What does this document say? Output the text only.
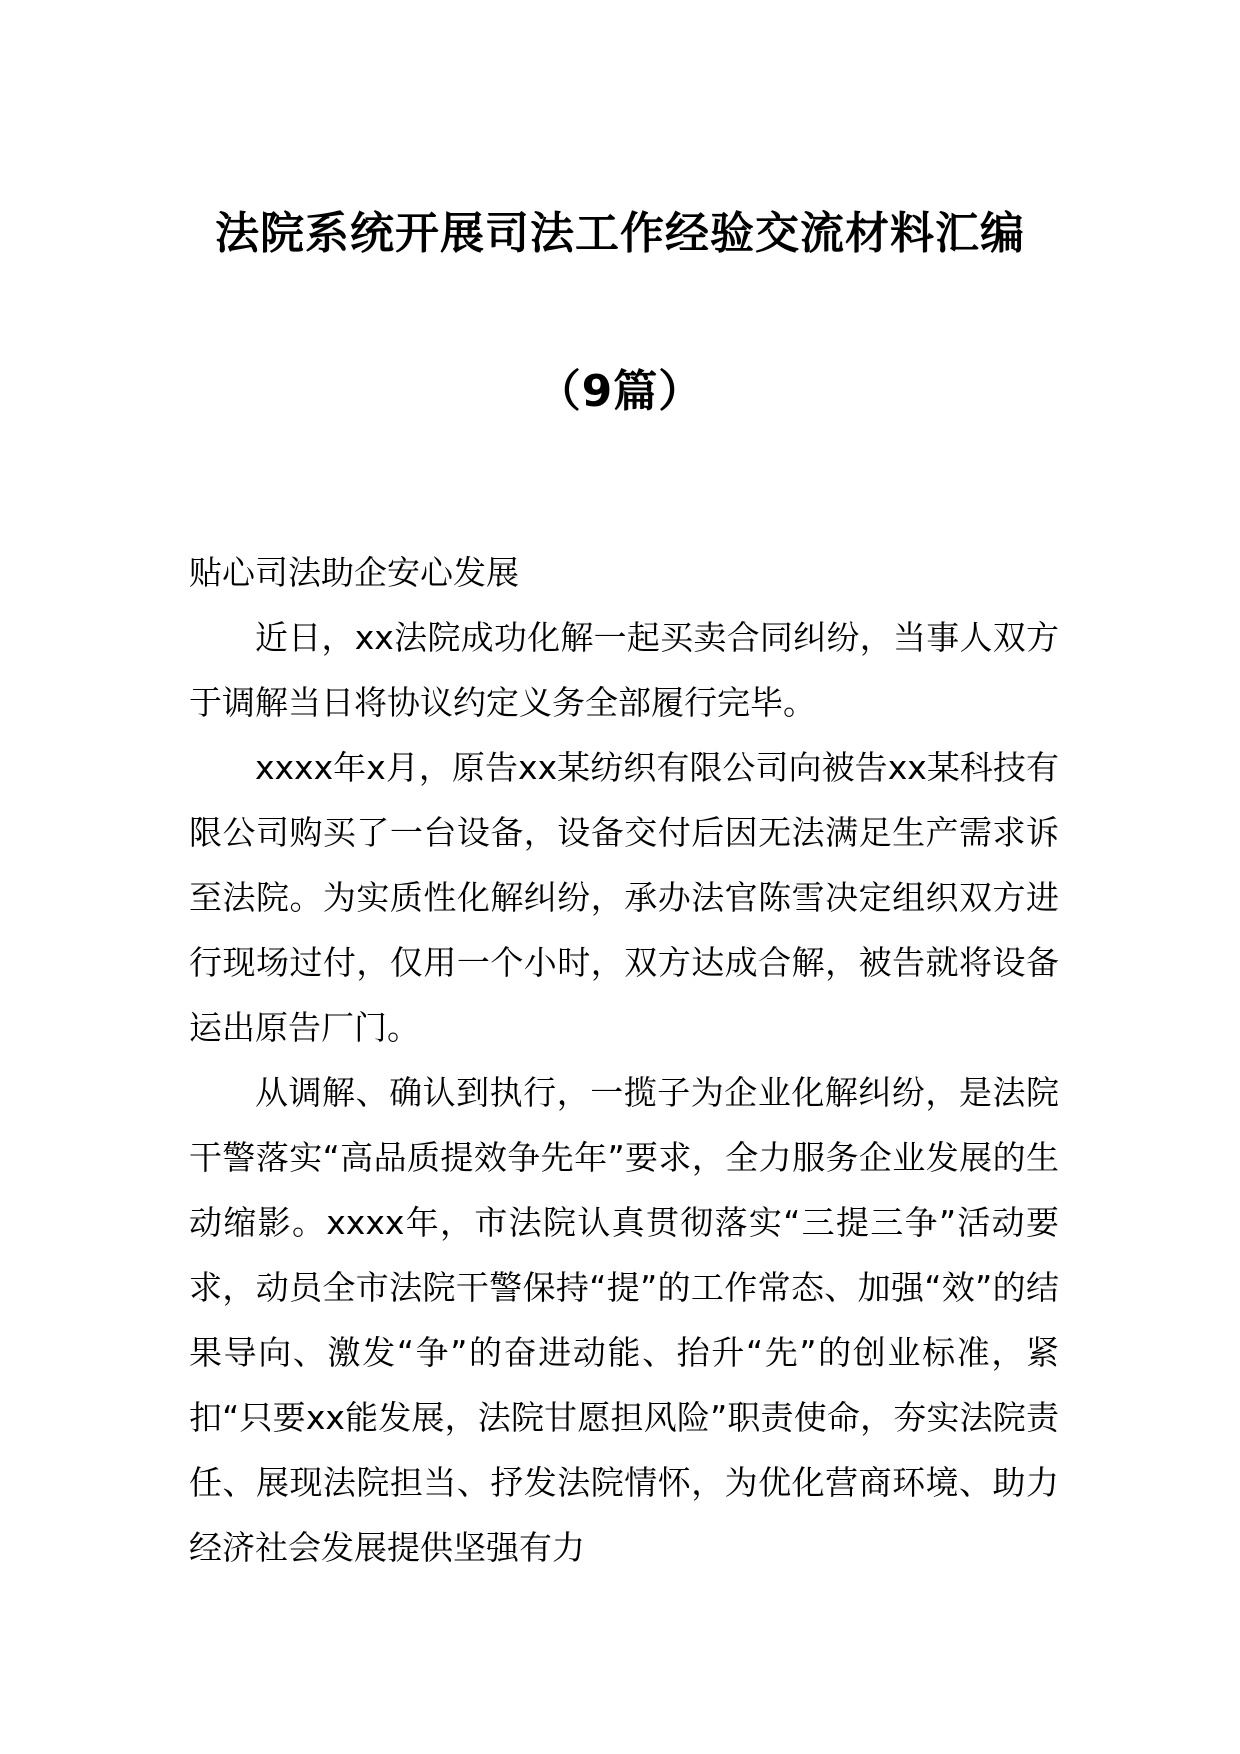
法院系统开展司法工作经验交流材料汇编
（9篇）

贴心司法助企安心发展

近日，xx法院成功化解一起买卖合同纠纷，当事人双方于调解当日将协议约定义务全部履行完毕。

xxxx年x月，原告xx某纺织有限公司向被告xx某科技有限公司购买了一台设备，设备交付后因无法满足生产需求诉至法院。为实质性化解纠纷，承办法官陈雪决定组织双方进行现场过付，仅用一个小时，双方达成合解，被告就将设备运出原告厂门。

从调解、确认到执行，一揽子为企业化解纠纷，是法院干警落实“高品质提效争先年”要求，全力服务企业发展的生动缩影。xxxx年，市法院认真贯彻落实“三提三争”活动要求，动员全市法院干警保持“提”的工作常态、加强“效”的结果导向、激发“争”的奋进动能、抬升“先”的创业标准，紧扣“只要xx能发展，法院甘愿担风险”职责使命，夯实法院责任、展现法院担当、抒发法院情怀，为优化营商环境、助力经济社会发展提供坚强有力
